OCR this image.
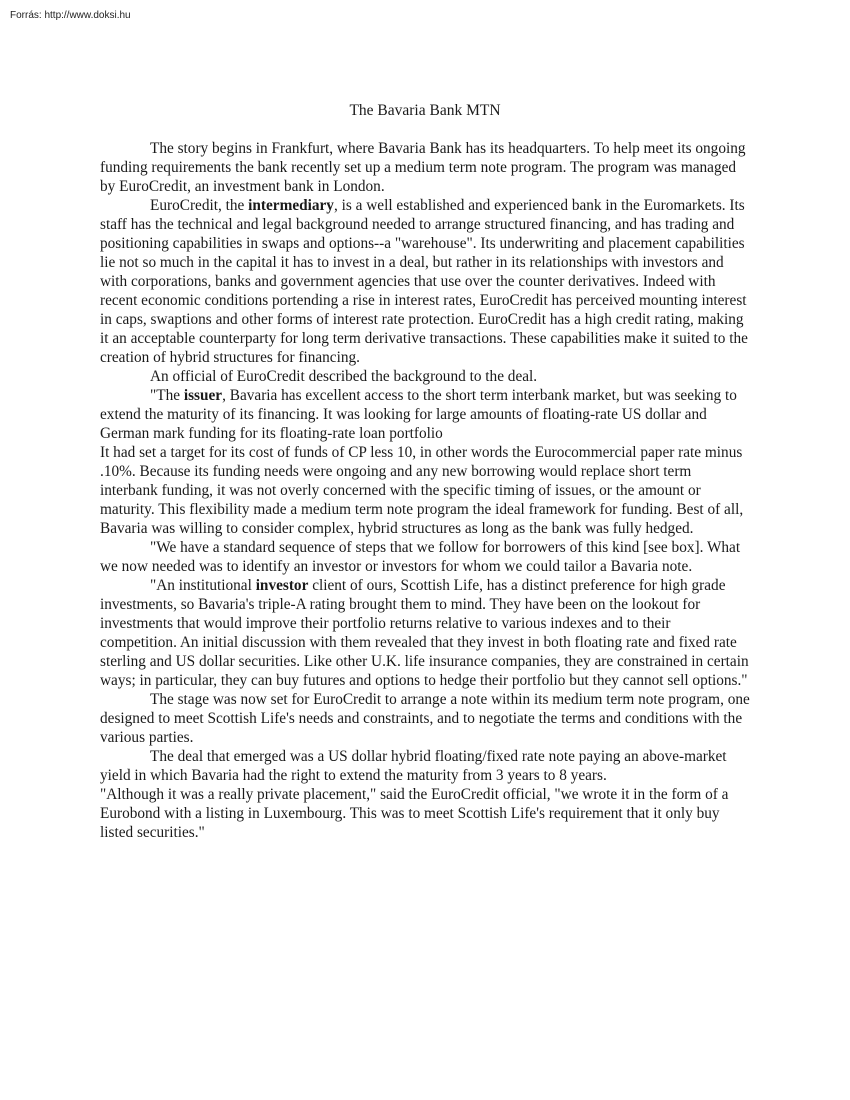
Forrás: http://www.doksi.hu
The Bavaria Bank MTN

The story begins in Frankfurt, where Bavaria Bank has its headquarters. To help meet its ongoing funding requirements the bank recently set up a medium term note program. The program was managed by EuroCredit, an investment bank in London.

EuroCredit, the intermediary, is a well established and experienced bank in the Euromarkets. Its staff has the technical and legal background needed to arrange structured financing, and has trading and positioning capabilities in swaps and options--a "warehouse". Its underwriting and placement capabilities lie not so much in the capital it has to invest in a deal, but rather in its relationships with investors and with corporations, banks and government agencies that use over the counter derivatives. Indeed with recent economic conditions portending a rise in interest rates, EuroCredit has perceived mounting interest in caps, swaptions and other forms of interest rate protection. EuroCredit has a high credit rating, making it an acceptable counterparty for long term derivative transactions. These capabilities make it suited to the creation of hybrid structures for financing.

An official of EuroCredit described the background to the deal.

"The issuer, Bavaria has excellent access to the short term interbank market, but was seeking to extend the maturity of its financing. It was looking for large amounts of floating-rate US dollar and German mark funding for its floating-rate loan portfolio

It had set a target for its cost of funds of CP less 10, in other words the Eurocommercial paper rate minus .10%. Because its funding needs were ongoing and any new borrowing would replace short term interbank funding, it was not overly concerned with the specific timing of issues, or the amount or maturity. This flexibility made a medium term note program the ideal framework for funding. Best of all, Bavaria was willing to consider complex, hybrid structures as long as the bank was fully hedged.

"We have a standard sequence of steps that we follow for borrowers of this kind [see box]. What we now needed was to identify an investor or investors for whom we could tailor a Bavaria note.

"An institutional investor client of ours, Scottish Life, has a distinct preference for high grade investments, so Bavaria's triple-A rating brought them to mind. They have been on the lookout for investments that would improve their portfolio returns relative to various indexes and to their competition. An initial discussion with them revealed that they invest in both floating rate and fixed rate sterling and US dollar securities. Like other U.K. life insurance companies, they are constrained in certain ways; in particular, they can buy futures and options to hedge their portfolio but they cannot sell options."

The stage was now set for EuroCredit to arrange a note within its medium term note program, one designed to meet Scottish Life's needs and constraints, and to negotiate the terms and conditions with the various parties.

The deal that emerged was a US dollar hybrid floating/fixed rate note paying an above-market yield in which Bavaria had the right to extend the maturity from 3 years to 8 years.

"Although it was a really private placement," said the EuroCredit official, "we wrote it in the form of a Eurobond with a listing in Luxembourg. This was to meet Scottish Life's requirement that it only buy listed securities."
